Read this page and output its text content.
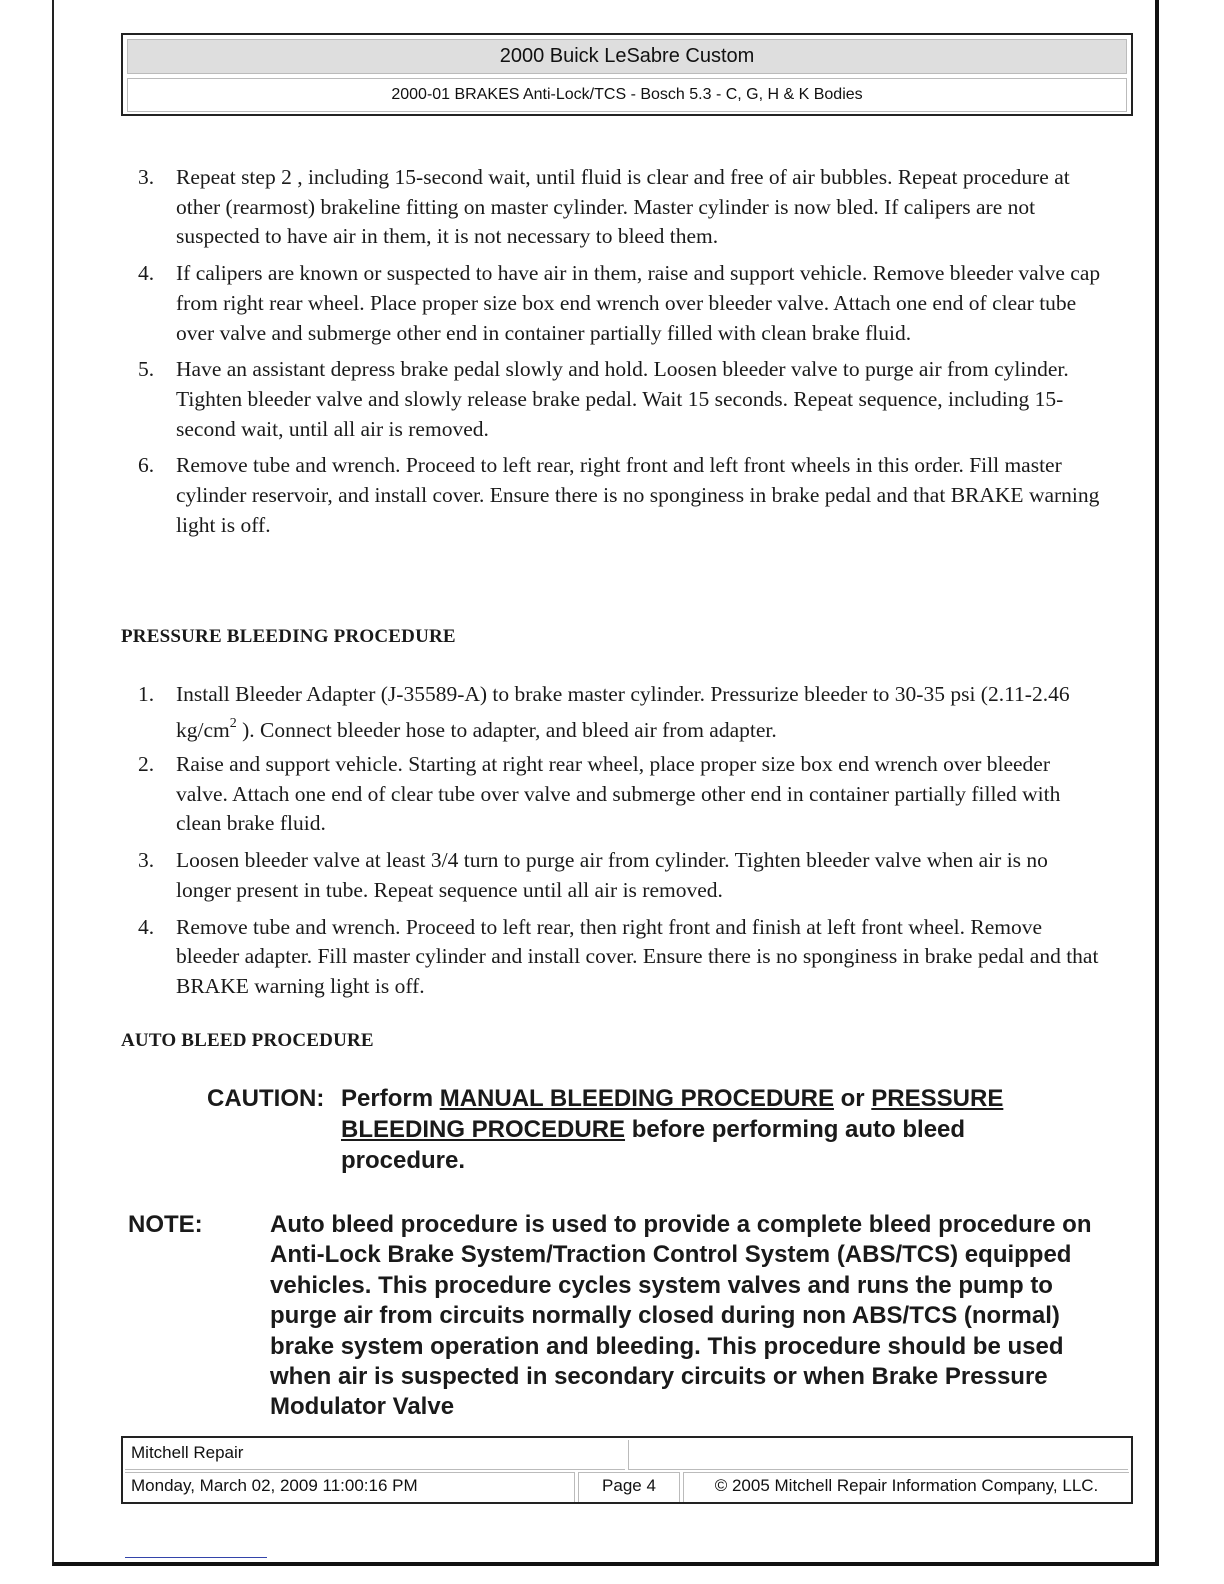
2000 Buick LeSabre Custom
2000-01 BRAKES Anti-Lock/TCS - Bosch 5.3 - C, G, H & K Bodies
3. Repeat step 2 , including 15-second wait, until fluid is clear and free of air bubbles. Repeat procedure at other (rearmost) brakeline fitting on master cylinder. Master cylinder is now bled. If calipers are not suspected to have air in them, it is not necessary to bleed them.
4. If calipers are known or suspected to have air in them, raise and support vehicle. Remove bleeder valve cap from right rear wheel. Place proper size box end wrench over bleeder valve. Attach one end of clear tube over valve and submerge other end in container partially filled with clean brake fluid.
5. Have an assistant depress brake pedal slowly and hold. Loosen bleeder valve to purge air from cylinder. Tighten bleeder valve and slowly release brake pedal. Wait 15 seconds. Repeat sequence, including 15-second wait, until all air is removed.
6. Remove tube and wrench. Proceed to left rear, right front and left front wheels in this order. Fill master cylinder reservoir, and install cover. Ensure there is no sponginess in brake pedal and that BRAKE warning light is off.
PRESSURE BLEEDING PROCEDURE
1. Install Bleeder Adapter (J-35589-A) to brake master cylinder. Pressurize bleeder to 30-35 psi (2.11-2.46 $kg/cm^2$ ). Connect bleeder hose to adapter, and bleed air from adapter.
2. Raise and support vehicle. Starting at right rear wheel, place proper size box end wrench over bleeder valve. Attach one end of clear tube over valve and submerge other end in container partially filled with clean brake fluid.
3. Loosen bleeder valve at least 3/4 turn to purge air from cylinder. Tighten bleeder valve when air is no longer present in tube. Repeat sequence until all air is removed.
4. Remove tube and wrench. Proceed to left rear, then right front and finish at left front wheel. Remove bleeder adapter. Fill master cylinder and install cover. Ensure there is no sponginess in brake pedal and that BRAKE warning light is off.
AUTO BLEED PROCEDURE
CAUTION: Perform MANUAL BLEEDING PROCEDURE or PRESSURE BLEEDING PROCEDURE before performing auto bleed procedure.
NOTE:	Auto bleed procedure is used to provide a complete bleed procedure on Anti-Lock Brake System/Traction Control System (ABS/TCS) equipped vehicles. This procedure cycles system valves and runs the pump to purge air from circuits normally closed during non ABS/TCS (normal) brake system operation and bleeding. This procedure should be used when air is suspected in secondary circuits or when Brake Pressure Modulator Valve
Mitchell Repair
Monday, March 02, 2009 11:00:16 PM	Page 4	© 2005 Mitchell Repair Information Company, LLC.
